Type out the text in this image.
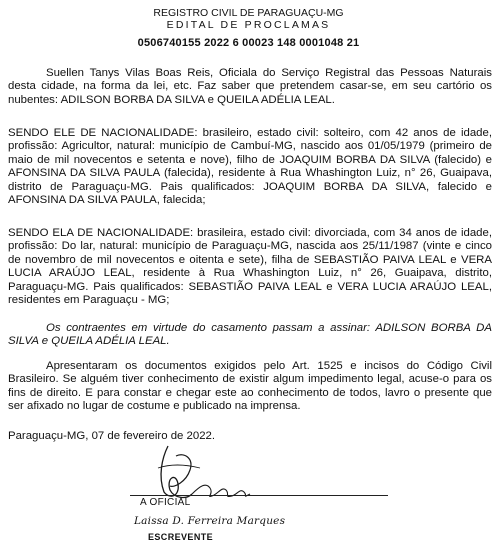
REGISTRO CIVIL DE PARAGUAÇU-MG
EDITAL DE PROCLAMAS
0506740155 2022 6 00023 148 0001048 21
Suellen Tanys Vilas Boas Reis, Oficiala do Serviço Registral das Pessoas Naturais desta cidade, na forma da lei, etc. Faz saber que pretendem casar-se, em seu cartório os nubentes: ADILSON BORBA DA SILVA e QUEILA ADÉLIA LEAL.
SENDO ELE DE NACIONALIDADE: brasileiro, estado civil: solteiro, com 42 anos de idade, profissão: Agricultor, natural: município de Cambuí-MG, nascido aos 01/05/1979 (primeiro de maio de mil novecentos e setenta e nove), filho de JOAQUIM BORBA DA SILVA (falecido) e AFONSINA DA SILVA PAULA (falecida), residente à Rua Whashington Luiz, n° 26, Guaipava, distrito de Paraguaçu-MG. Pais qualificados: JOAQUIM BORBA DA SILVA, falecido e AFONSINA DA SILVA PAULA, falecida;
SENDO ELA DE NACIONALIDADE: brasileira, estado civil: divorciada, com 34 anos de idade, profissão: Do lar, natural: município de Paraguaçu-MG, nascida aos 25/11/1987 (vinte e cinco de novembro de mil novecentos e oitenta e sete), filha de SEBASTIÃO PAIVA LEAL e VERA LUCIA ARAÚJO LEAL, residente à Rua Whashington Luiz, n° 26, Guaipava, distrito, Paraguaçu-MG. Pais qualificados: SEBASTIÃO PAIVA LEAL e VERA LUCIA ARAÚJO LEAL, residentes em Paraguaçu - MG;
Os contraentes em virtude do casamento passam a assinar: ADILSON BORBA DA SILVA e QUEILA ADÉLIA LEAL.
Apresentaram os documentos exigidos pelo Art. 1525 e incisos do Código Civil Brasileiro. Se alguém tiver conhecimento de existir algum impedimento legal, acuse-o para os fins de direito. E para constar e chegar este ao conhecimento de todos, lavro o presente que ser afixado no lugar de costume e publicado na imprensa.
Paraguaçu-MG, 07 de fevereiro de 2022.
A OFICIAL
Laissa D. Ferreira Marques
ESCREVENTE
